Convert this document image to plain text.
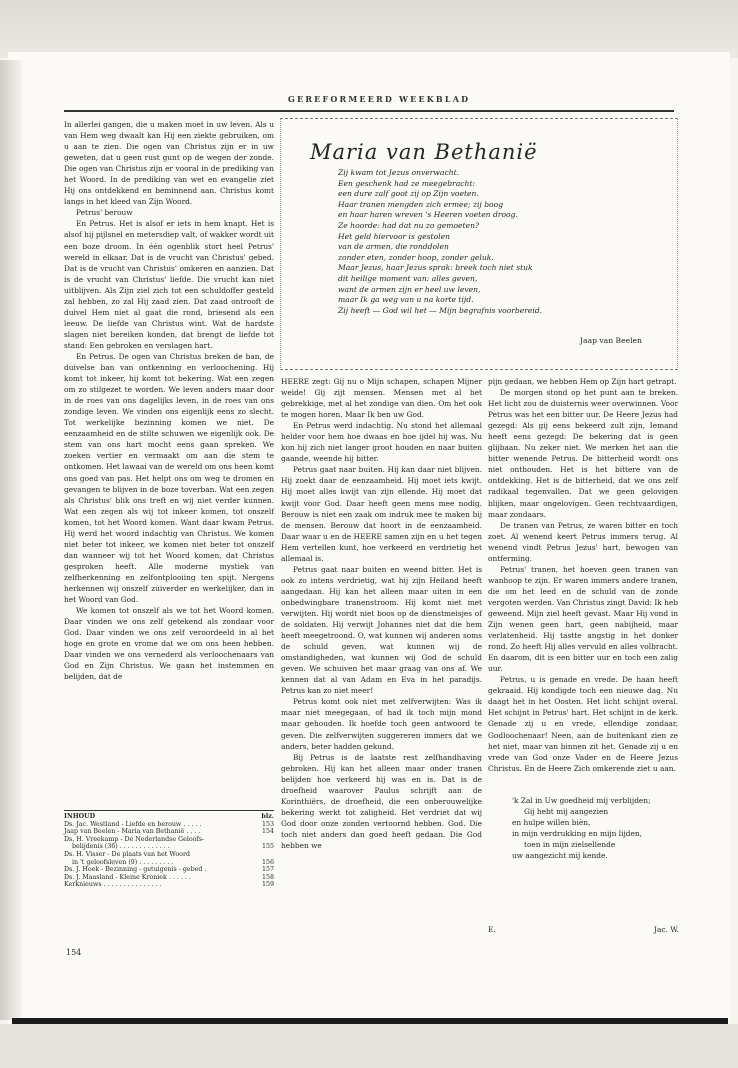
GEREFORMEERD WEEKBLAD

In allerlei gangen, die u maken moet in uw leven. Als u van Hem weg dwaalt kan Hij een ziekte gebruiken, om u aan te zien. Die ogen van Christus zijn er in uw geweten, dat u geen rust gunt op de wegen der zonde. Die ogen van Christus zijn er vooral in de prediking van het Woord. In de prediking van wet en evangelie ziet Hij ons ontdekkend en beminnend aan. Christus komt langs in het kleed van Zijn Woord.

Petrus' berouw

En Petrus. Het is alsof er iets in hem knapt. Het is alsof hij pijlsnel en metersdiep valt, of wakker wordt uit een boze droom. In één ogenblik stort heel Petrus' wereld in elkaar. Dat is de vrucht van Christus' gebed. Dat is de vrucht van Christus' omkeren en aanzien. Dat is de vrucht van Christus' liefde. Die vrucht kan niet uitblijven. Als Zijn ziel zich tot een schuldoffer gesteld zal hebben, zo zal Hij zaad zien. Dat zaad ontrooft de duivel Hem niet al gaat die rond, briesend als een leeuw. De liefde van Christus wint. Wat de hardste slagen niet bereiken konden, dat brengt de liefde tot stand: Een gebroken en verslagen hart.

En Petrus. De ogen van Christus breken de ban, de duivelse ban van ontkenning en verloochening. Hij komt tot inkeer, hij komt tot bekering. Wat een zegen om zo stilgezet te worden. We leven anders maar door in de roes van ons dagelijks leven, in de roes van ons zondige leven. We vinden ons eigenlijk eens zo slecht. Tot werkelijke bezinning komen we niet. De eenzaamheid en de stilte schuwen we eigenlijk ook. De stem van ons hart mocht eens gaan spreken. We zoeken vertier en vermaakt om aan die stem te ontkomen. Het lawaai van de wereld om ons heen komt ons goed van pas. Het helpt ons om weg te dromen en gevangen te blijven in de boze toverban. Wat een zegen als Christus' blik ons treft en wij niet verder kunnen. Wat een zegen als wij tot inkeer komen, tot onszelf komen, tot het Woord komen. Want daar kwam Petrus. Hij werd het woord indachtig van Christus. We komen niet beter tot inkeer, we komen niet beter tot onszelf dan wanneer wij tot het Woord komen, dat Christus gesproken heeft. Alle moderne mystiek van zelfherkenning en zelfontplooiing ten spijt. Nergens herkennen wij onszelf zuiverder en werkelijker, dan in het Woord van God.

We komen tot onszelf als we tot het Woord komen. Daar vinden we ons zelf getekend als zondaar voor God. Daar vinden we ons zelf veroordeeld in al het hoge en grote en vrome dat we om ons heen hebben. Daar vinden we ons vernederd als verloochenaars van God en Zijn Christus. We gaan het instemmen en belijden, dat de

Maria van Bethanië
Zij kwam tot Jezus onverwacht.
Een geschenk had ze meegebracht:
een dure zalf goot zij op Zijn voeten.
Haar tranen mengden zich ermee; zij boog
en haar haren wreven 's Heeren voeten droog.
Ze hoorde: had dat nu zo gemoeten?
Het geld hiervoor is gestolen
van de armen, die ronddolen
zonder eten, zonder hoop, zonder geluk.
Maar Jezus, haar Jezus sprak: breek toch niet stuk
dit heilige moment van: alles geven,
want de armen zijn er heel uw leven,
maar Ik ga weg van u na korte tijd.
Zij heeft — God wil het — Mijn begrafnis voorbereid.
Jaap van Beelen

HEERE zegt: Gij nu o Mijn schapen, schapen Mijner weide! Gij zijt mensen. Mensen met al het gebrekkige, met al het zondige van dien. Om het ook te mogen horen. Maar Ik ben uw God.

En Petrus werd indachtig. Nu stond het allemaal helder voor hem hoe dwaas en hoe ijdel hij was. Nu kon hij zich niet langer groot houden en naar buiten gaande, weende hij bitter.

Petrus gaat naar buiten. Hij kan daar niet blijven. Hij zoekt daar de eenzaamheid. Hij moet iets kwijt. Hij moet alles kwijt van zijn ellende. Hij moet dat kwijt voor God. Daar heeft geen mens mee nodig. Berouw is niet een zaak om indruk mee te maken bij de mensen. Berouw dat hoort in de eenzaamheid. Daar waar u en de HEERE samen zijn en u het tegen Hem vertellen kunt, hoe verkeerd en verdrietig het allemaal is.

Petrus gaat naar buiten en weend bitter. Het is ook zo intens verdrietig, wat hij zijn Heiland heeft aangedaan. Hij kan het alleen maar uiten in een onbedwingbare tranenstroom. Hij komt niet met verwijten. Hij wordt niet boos op de dienstmeisjes of de soldaten. Hij verwijt Johannes niet dat die hem heeft meegetroond. O, wat kunnen wij anderen soms de schuld geven, wat kunnen wij de omstandigheden, wat kunnen wij God de schuld geven. We schuiven het maar graag van ons af. We kennen dat al van Adam en Eva in het paradijs. Petrus kan zo niet meer!

Petrus komt ook niet met zelfverwijten: Was ik maar niet meegegaan, of had ik toch mijn mond maar gehouden. Ik hoefde toch geen antwoord te geven. Die zelfverwijten suggereren immers dat we anders, beter hadden gekund.

Bij Petrus is de laatste rest zelfhandhaving gebroken. Hij kan het alleen maar onder tranen belijden hoe verkeerd hij was en is. Dat is de droefheid waarover Paulus schrijft aan de Korinthiërs, de droefheid, die een onberouwelijke bekering werkt tot zaligheid. Het verdriet dat wij God door onze zonden vertoornd hebben. God. Die toch niet anders dan goed heeft gedaan. Die God hebben we

pijn gedaan, we hebben Hem op Zijn hart getrapt.

De morgen stond op het punt aan te breken. Het licht zou de duisternis weer overwinnen. Voor Petrus was het een bitter uur. De Heere Jezus had gezegd: Als gij eens bekeerd zult zijn, Iemand heeft eens gezegd: De bekering dat is geen glijbaan. Nu zeker niet. We merken het aan die bitter wenende Petrus. De bitterheid wordt ons niet onthouden. Het is het bittere van de ontdekking. Het is de bitterheid, dat we ons zelf radikaal tegenvallen. Dat we geen gelovigen blijken, maar ongelovigen. Geen rechtvaardigen, maar zondaars.

De tranen van Petrus, ze waren bitter en toch zoet. Al wenend keert Petrus immers terug. Al wenend vindt Petrus Jezus' hart, bewogen van ontferming.

Petrus' tranen, het hoeven geen tranen van wanhoop te zijn. Er waren immers andere tranen, die om het leed en de schuld van de zonde vergoten werden. Van Christus zingt David: Ik heb geweend. Mijn ziel heeft gevast. Maar Hij vond in Zijn wenen geen hart, geen nabijheid, maar verlatenheid. Hij tastte angstig in het donker rond. Zo heeft Hij alles vervuld en alles volbracht. En daarom, dit is een bitter uur en toch een zalig uur.

Petrus, u is genade en vrede. De haan heeft gekraaid. Hij kondigde toch een nieuwe dag. Nu daagt het in het Oosten. Het licht schijnt overal. Het schijnt in Petrus' hart. Het schijnt in de kerk. Genade zij u en vrede, ellendige zondaar, Godloochenaar! Neen, aan de buitenkant zien ze het niet, maar van binnen zit het. Genade zij u en vrede van God onze Vader en de Heere Jezus Christus. En de Heere Zich omkerende ziet u aan.

'k Zal in Uw goedheid mij verblijden;
Gij hebt mij aangezien
en hulpe willen bièn,
in mijn verdrukking en mijn lijden,
toen in mijn zielsellende
uw aangezicht mij kende.
E.	Jac. W.
INHOUD	blz.
Ds. Jac. Westland - Liefde en berouw . . . . .	153
Jaap van Beelen - Maria van Bethanië . . . .	154
Ds. H. Vreekamp - De Nederlandse Geloofs-
belijdenis (36) . . . . . . . . . . . . .	155
Ds. H. Visser - De plaats van het Woord
in 't geloofsleven (9) . . . . . . . . .	156
Ds. J. Hoek - Bezinning - getuigenis - gebed .	157
Ds. J. Maasland - Kleine Kroniek . . . . . .	158
Kerknieuws . . . . . . . . . . . . . . .	159
154
